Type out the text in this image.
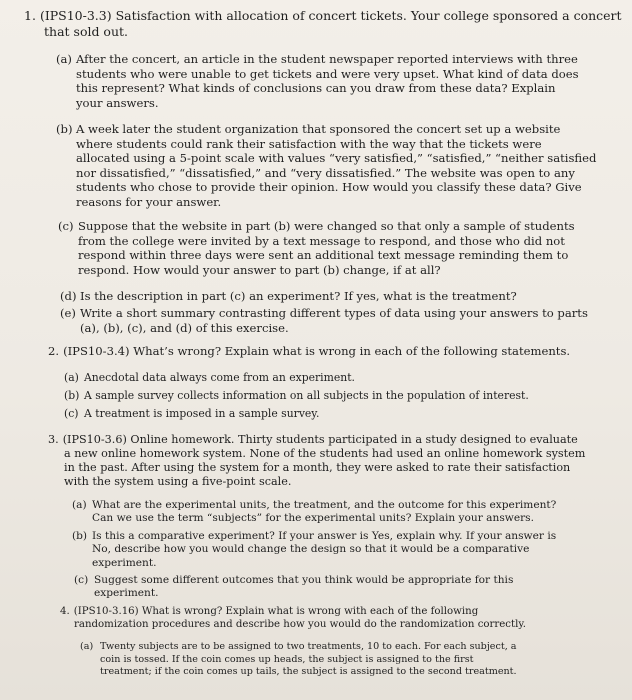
1. (IPS10-3.3) Satisfaction with allocation of concert tickets. Your college sponsored a concert
that sold out.
(a) After the concert, an article in the student newspaper reported interviews with three

students who were unable to get tickets and were very upset. What kind of data does

this represent? What kinds of conclusions can you draw from these data? Explain

your answers.

(b) A week later the student organization that sponsored the concert set up a website

where students could rank their satisfaction with the way that the tickets were

allocated using a 5-point scale with values “very satisfied,” “satisfied,” “neither satisfied

nor dissatisfied,” “dissatisfied,” and “very dissatisfied.” The website was open to any

students who chose to provide their opinion. How would you classify these data? Give

reasons for your answer.

(c) Suppose that the website in part (b) were changed so that only a sample of students

from the college were invited by a text message to respond, and those who did not

respond within three days were sent an additional text message reminding them to

respond. How would your answer to part (b) change, if at all?

(d) Is the description in part (c) an experiment? If yes, what is the treatment?

(e) Write a short summary contrasting different types of data using your answers to parts

(a), (b), (c), and (d) of this exercise.

2. (IPS10-3.4) What’s wrong? Explain what is wrong in each of the following statements.
(a) Anecdotal data always come from an experiment.

(b) A sample survey collects information on all subjects in the population of interest.

(c) A treatment is imposed in a sample survey.

3. (IPS10-3.6) Online homework. Thirty students participated in a study designed to evaluate
a new online homework system. None of the students had used an online homework system
in the past. After using the system for a month, they were asked to rate their satisfaction
with the system using a five-point scale.
(a) What are the experimental units, the treatment, and the outcome for this experiment?

Can we use the term “subjects” for the experimental units? Explain your answers.

(b) Is this a comparative experiment? If your answer is Yes, explain why. If your answer is

No, describe how you would change the design so that it would be a comparative

experiment.

(c) Suggest some different outcomes that you think would be appropriate for this

experiment.

4. (IPS10-3.16) What is wrong? Explain what is wrong with each of the following
randomization procedures and describe how you would do the randomization correctly.
(a) Twenty subjects are to be assigned to two treatments, 10 to each. For each subject, a

coin is tossed. If the coin comes up heads, the subject is assigned to the first

treatment; if the coin comes up tails, the subject is assigned to the second treatment.
